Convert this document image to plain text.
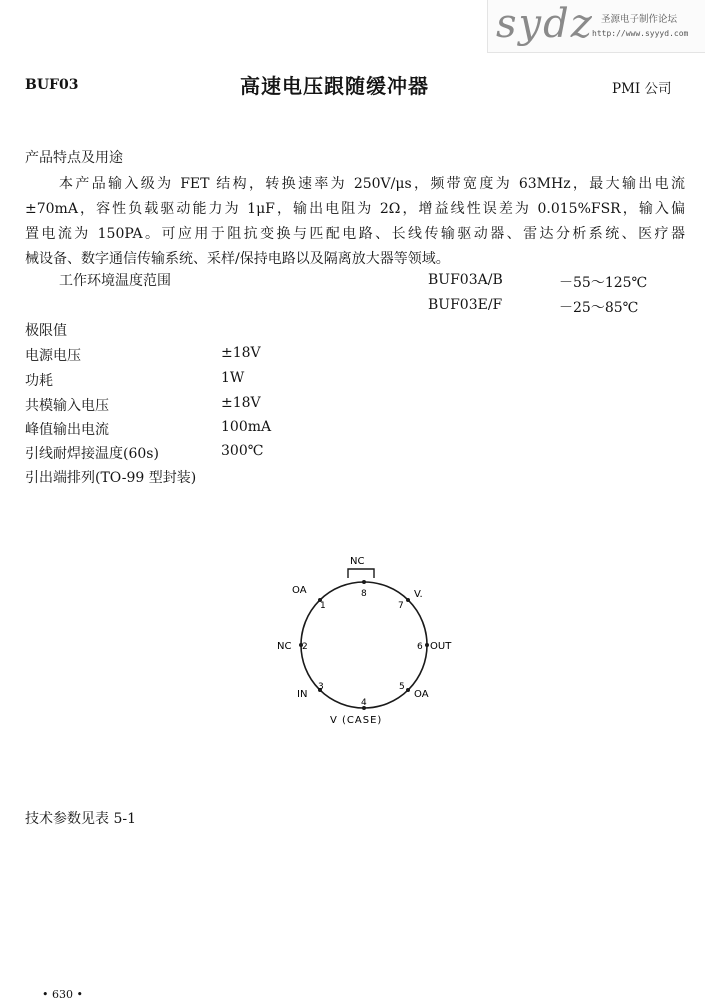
sydz 圣源电子制作论坛
http://www.syyyd.com
BUF03	高速电压跟随缓冲器	PMI 公司
产品特点及用途

本产品输入级为 FET 结构，转换速率为 250V/μs，频带宽度为 63MHz，最大输出电流

±70mA，容性负载驱动能力为 1μF，输出电阻为 2Ω，增益线性误差为 0.015%FSR，输入偏

置电流为 150PA。可应用于阻抗变换与匹配电路、长线传输驱动器、雷达分析系统、医疗器

械设备、数字通信传输系统、采样/保持电路以及隔离放大器等领域。

工作环境温度范围	BUF03A/B	－55～125℃
BUF03E/F	－25～85℃
极限值
电源电压	±18V
功耗	1W
共模输入电压	±18V
峰值输出电流	100mA
引线耐焊接温度(60s)	300℃
引出端排列(TO-99 型封装)
1
2
3
4
5
6
7
8
OA
NC
IN
V (CASE)
OA
OUT
V.
NC
技术参数见表 5-1
• 630 •
